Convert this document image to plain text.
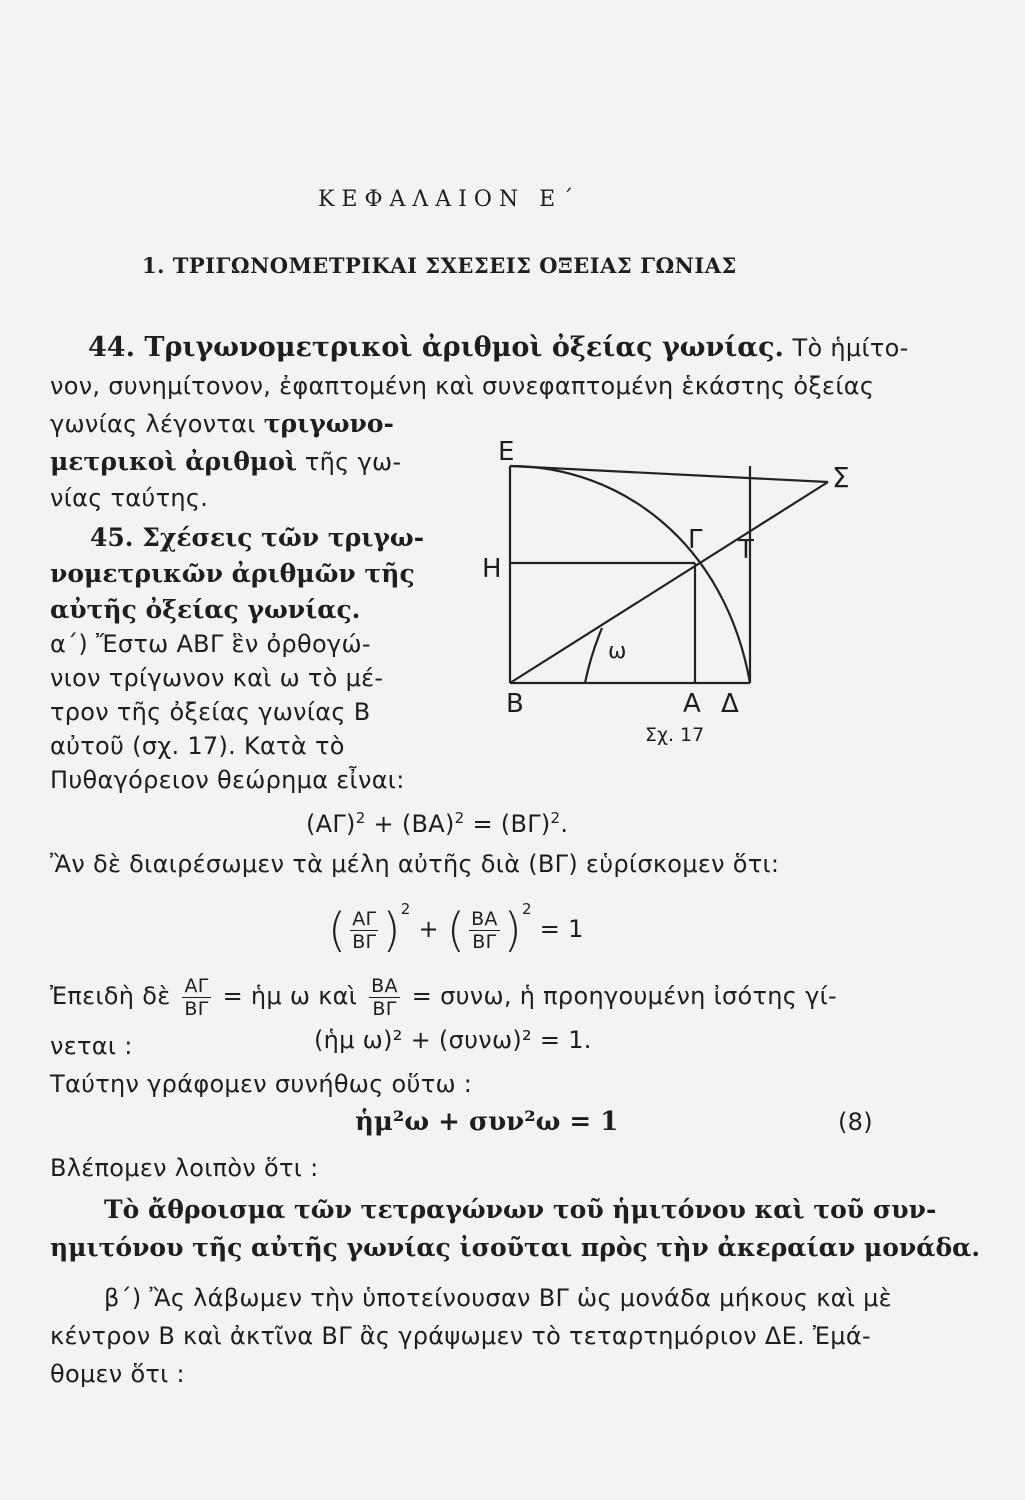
ΚΕΦΑΛΑΙΟΝ Ε΄
1. ΤΡΙΓΩΝΟΜΕΤΡΙΚΑΙ ΣΧΕΣΕΙΣ ΟΞΕΙΑΣ ΓΩΝΙΑΣ
44. Τριγωνομετρικοὶ ἀριθμοὶ ὀξείας γωνίας. Τὸ ἡμίτο-
νον, συνημίτονον, ἐφαπτομένη καὶ συνεφαπτομένη ἑκάστης ὀξείας
γωνίας λέγονται τριγωνο-
μετρικοὶ ἀριθμοὶ τῆς γω-
νίας ταύτης.
45. Σχέσεις τῶν τριγω-
νομετρικῶν ἀριθμῶν τῆς
αὐτῆς ὀξείας γωνίας.
α΄) Ἔστω ΑΒΓ ἓν ὀρθογώ-
νιον τρίγωνον καὶ ω τὸ μέ-
τρον τῆς ὀξείας γωνίας Β
αὐτοῦ (σχ. 17). Κατὰ τὸ
Πυθαγόρειον θεώρημα εἶναι:
Ε
Σ
Γ Τ
Η
ω
Β	Α Δ
Σχ. 17
$(A\Gamma)^2 + (BA)^2 = (B\Gamma)^2$.
Ἂν δὲ διαιρέσωμεν τὰ μέλη αὐτῆς διὰ (ΒΓ) εὑρίσκομεν ὅτι:
( $\frac{A\Gamma}{B\Gamma} )^2$ + ( $\frac{BA}{B\Gamma} )^2 = 1$
Ἐπειδὴ δὲ $\frac{A\Gamma}{B\Gamma}$ = ἡμ ω καὶ $\frac{BA}{B\Gamma} = \sigma\upsilon\nu\omega$, ἡ προηγουμένη ἰσότης γί-
νεται :	(ἡμ ω)² + (συνω)² = 1.
Ταύτην γράφομεν συνήθως οὕτω :
ἡμ²ω + συν²ω = 1	(8)
Βλέπομεν λοιπὸν ὅτι :
Τὸ ἄθροισμα τῶν τετραγώνων τοῦ ἡμιτόνου καὶ τοῦ συν-
ημιτόνου τῆς αὐτῆς γωνίας ἰσοῦται πρὸς τὴν ἀκεραίαν μονάδα.
β΄) Ἂς λάβωμεν τὴν ὑποτείνουσαν ΒΓ ὡς μονάδα μήκους καὶ μὲ
κέντρον Β καὶ ἀκτῖνα ΒΓ ἂς γράψωμεν τὸ τεταρτημόριον ΔΕ. Ἐμά-
θομεν ὅτι :
